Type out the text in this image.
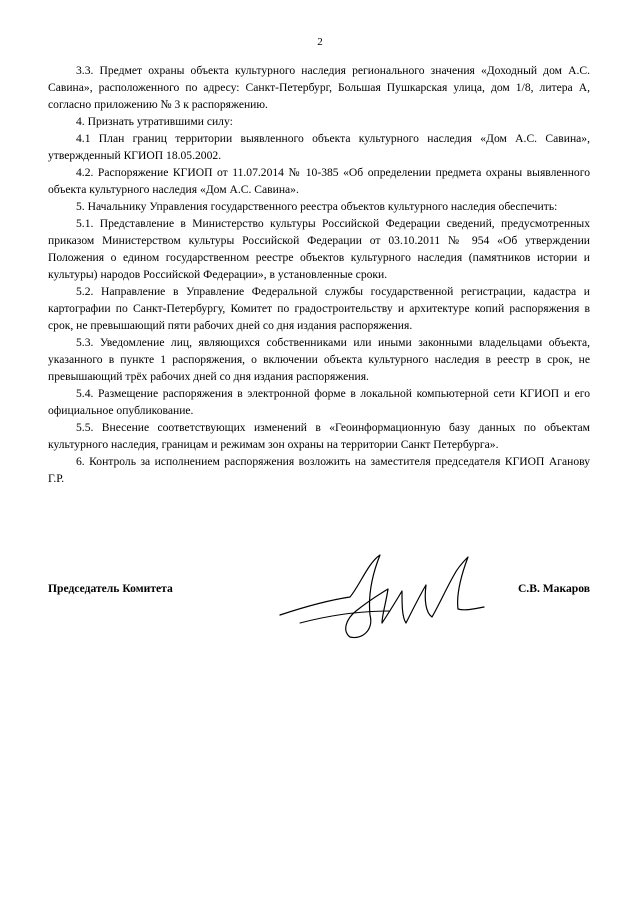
2

3.3. Предмет охраны объекта культурного наследия регионального значения «Доходный дом А.С. Савина», расположенного по адресу: Санкт-Петербург, Большая Пушкарская улица, дом 1/8, литера А, согласно приложению № 3 к распоряжению.

4. Признать утратившими силу:

4.1 План границ территории выявленного объекта культурного наследия «Дом А.С. Савина», утвержденный КГИОП 18.05.2002.

4.2. Распоряжение КГИОП от 11.07.2014 № 10-385 «Об определении предмета охраны выявленного объекта культурного наследия «Дом А.С. Савина».

5. Начальнику Управления государственного реестра объектов культурного наследия обеспечить:

5.1. Представление в Министерство культуры Российской Федерации сведений, предусмотренных приказом Министерством культуры Российской Федерации от 03.10.2011 № 954 «Об утверждении Положения о едином государственном реестре объектов культурного наследия (памятников истории и культуры) народов Российской Федерации», в установленные сроки.

5.2. Направление в Управление Федеральной службы государственной регистрации, кадастра и картографии по Санкт-Петербургу, Комитет по градостроительству и архитектуре копий распоряжения в срок, не превышающий пяти рабочих дней со дня издания распоряжения.

5.3. Уведомление лиц, являющихся собственниками или иными законными владельцами объекта, указанного в пункте 1 распоряжения, о включении объекта культурного наследия в реестр в срок, не превышающий трёх рабочих дней со дня издания распоряжения.

5.4. Размещение распоряжения в электронной форме в локальной компьютерной сети КГИОП и его официальное опубликование.

5.5. Внесение соответствующих изменений в «Геоинформационную базу данных по объектам культурного наследия, границам и режимам зон охраны на территории Санкт Петербурга».

6. Контроль за исполнением распоряжения возложить на заместителя председателя КГИОП Аганову Г.Р.

Председатель Комитета	С.В. Макаров
